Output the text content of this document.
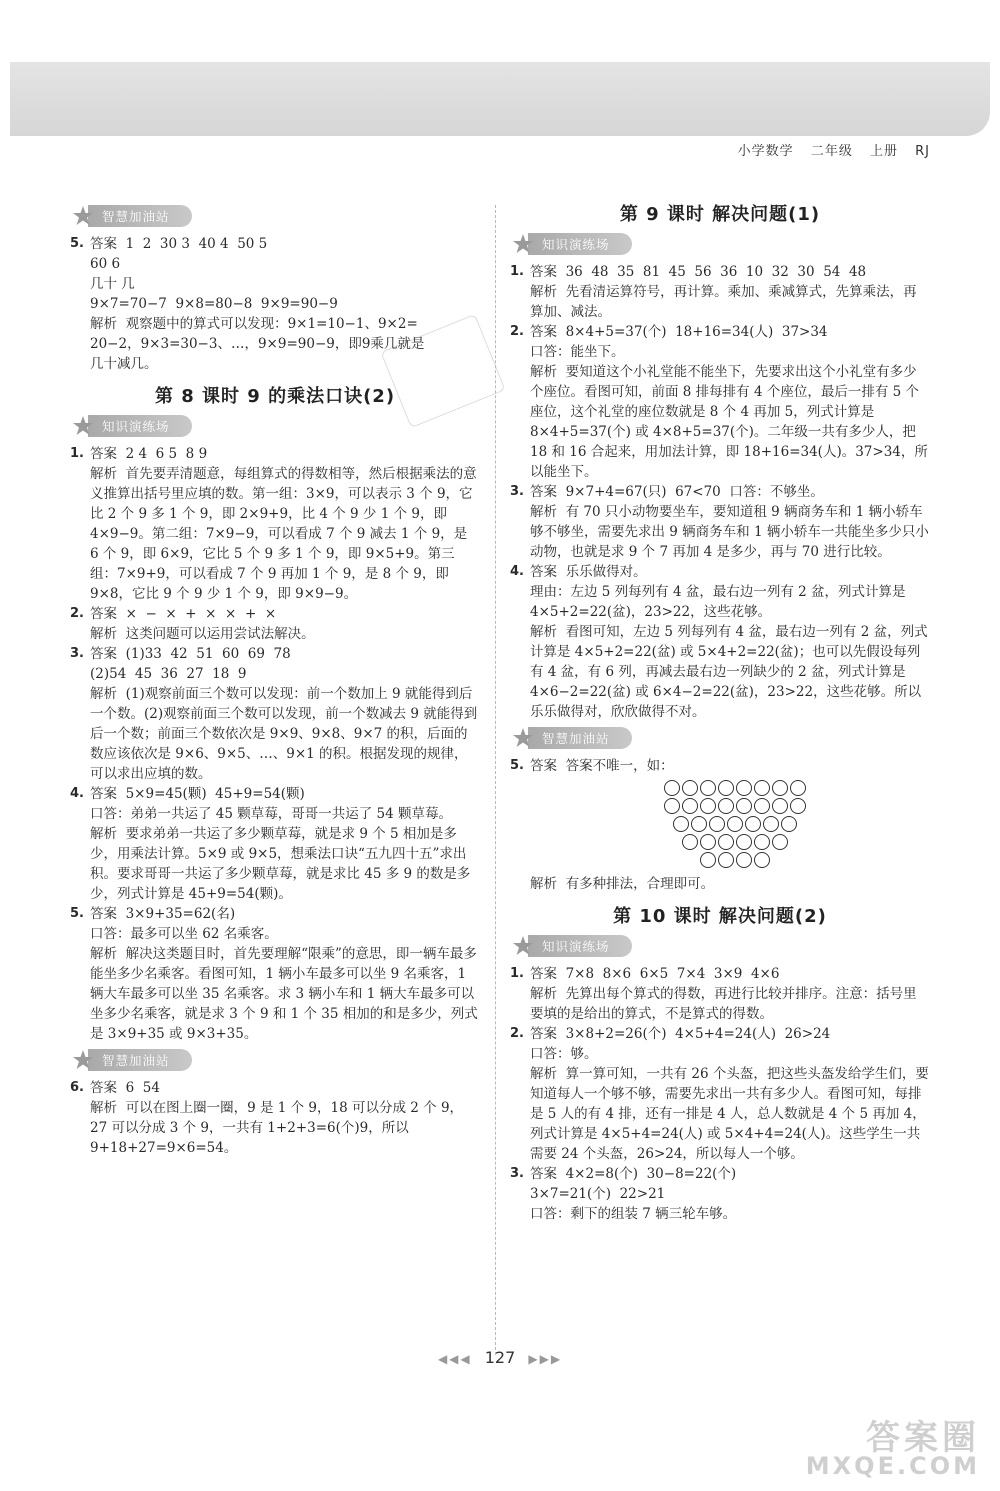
小学数学 二年级 上册 RJ
智慧加油站
5. 答案  1  2  30 3  40 4  50 5

60 6

几十 几

9×7=70−7  9×8=80−8  9×9=90−9

解析  观察题中的算式可以发现：9×1=10−1、9×2=

20−2，9×3=30−3、…，9×9=90−9，即9乘几就是

几十减几。

第 8 课时 9 的乘法口诀(2)
知识演练场
1. 答案  2 4  6 5  8 9

解析  首先要弄清题意，每组算式的得数相等，然后根据乘法的意义推算出括号里应填的数。第一组：3×9，可以表示 3 个 9，它比 2 个 9 多 1 个 9，即 2×9+9，比 4 个 9 少 1 个 9，即 4×9−9。第二组：7×9−9，可以看成 7 个 9 减去 1 个 9，是 6 个 9，即 6×9，它比 5 个 9 多 1 个 9，即 9×5+9。第三组：7×9+9，可以看成 7 个 9 再加 1 个 9，是 8 个 9，即 9×8，它比 9 个 9 少 1 个 9，即 9×9−9。

2. 答案  ×  −  ×  +  ×  ×  +  ×

解析  这类问题可以运用尝试法解决。

3. 答案  (1)33  42  51  60  69  78

(2)54  45  36  27  18  9

解析  (1)观察前面三个数可以发现：前一个数加上 9 就能得到后一个数。(2)观察前面三个数可以发现，前一个数减去 9 就能得到后一个数；前面三个数依次是 9×9、9×8、9×7 的积，后面的数应该依次是 9×6、9×5、…、9×1 的积。根据发现的规律，可以求出应填的数。

4. 答案  5×9=45(颗)  45+9=54(颗)

口答：弟弟一共运了 45 颗草莓，哥哥一共运了 54 颗草莓。

解析  要求弟弟一共运了多少颗草莓，就是求 9 个 5 相加是多少，用乘法计算。5×9 或 9×5，想乘法口诀“五九四十五”求出积。要求哥哥一共运了多少颗草莓，就是求比 45 多 9 的数是多少，列式计算是 45+9=54(颗)。

5. 答案  3×9+35=62(名)

口答：最多可以坐 62 名乘客。

解析  解决这类题目时，首先要理解“限乘”的意思，即一辆车最多能坐多少名乘客。看图可知，1 辆小车最多可以坐 9 名乘客，1 辆大车最多可以坐 35 名乘客。求 3 辆小车和 1 辆大车最多可以坐多少名乘客，就是求 3 个 9 和 1 个 35 相加的和是多少，列式是 3×9+35 或 9×3+35。

智慧加油站
6. 答案  6  54

解析  可以在图上圈一圈，9 是 1 个 9，18 可以分成 2 个 9，27 可以分成 3 个 9，一共有 1+2+3=6(个)9，所以 9+18+27=9×6=54。

第 9 课时 解决问题(1)
知识演练场
1. 答案  36  48  35  81  45  56  36  10  32  30  54  48

解析  先看清运算符号，再计算。乘加、乘减算式，先算乘法，再算加、减法。

2. 答案  8×4+5=37(个)  18+16=34(人)  37>34

口答：能坐下。

解析  要知道这个小礼堂能不能坐下，先要求出这个小礼堂有多少个座位。看图可知，前面 8 排每排有 4 个座位，最后一排有 5 个座位，这个礼堂的座位数就是 8 个 4 再加 5，列式计算是 8×4+5=37(个) 或 4×8+5=37(个)。二年级一共有多少人，把 18 和 16 合起来，用加法计算，即 18+16=34(人)。37>34，所以能坐下。

3. 答案  9×7+4=67(只)  67<70  口答：不够坐。

解析  有 70 只小动物要坐车，要知道租 9 辆商务车和 1 辆小轿车够不够坐，需要先求出 9 辆商务车和 1 辆小轿车一共能坐多少只小动物，也就是求 9 个 7 再加 4 是多少，再与 70 进行比较。

4. 答案  乐乐做得对。

理由：左边 5 列每列有 4 盆，最右边一列有 2 盆，列式计算是 4×5+2=22(盆)，23>22，这些花够。

解析  看图可知，左边 5 列每列有 4 盆，最右边一列有 2 盆，列式计算是 4×5+2=22(盆) 或 5×4+2=22(盆)；也可以先假设每列有 4 盆，有 6 列，再减去最右边一列缺少的 2 盆，列式计算是 4×6−2=22(盆) 或 6×4−2=22(盆)，23>22，这些花够。所以乐乐做得对，欣欣做得不对。

智慧加油站
5. 答案  答案不唯一，如：

解析  有多种排法，合理即可。

第 10 课时 解决问题(2)
知识演练场
1. 答案  7×8  8×6  6×5  7×4  3×9  4×6

解析  先算出每个算式的得数，再进行比较并排序。注意：括号里要填的是给出的算式，不是算式的得数。

2. 答案  3×8+2=26(个)  4×5+4=24(人)  26>24

口答：够。

解析  算一算可知，一共有 26 个头盔，把这些头盔发给学生们，要知道每人一个够不够，需要先求出一共有多少人。看图可知，每排是 5 人的有 4 排，还有一排是 4 人，总人数就是 4 个 5 再加 4，列式计算是 4×5+4=24(人) 或 5×4+4=24(人)。这些学生一共需要 24 个头盔，26>24，所以每人一个够。

3. 答案  4×2=8(个)  30−8=22(个)

3×7=21(个)  22>21

口答：剩下的组装 7 辆三轮车够。

◀◀◀ 127 ▶▶▶
答案圈
MXQE.COM
